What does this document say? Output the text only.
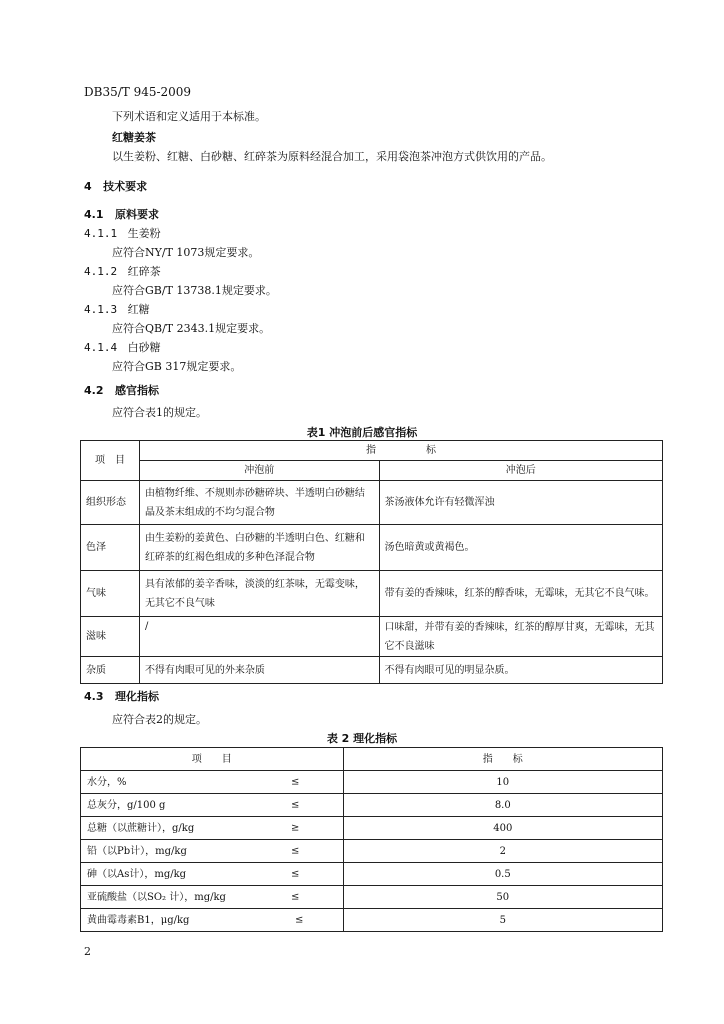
DB35/T 945-2009
下列术语和定义适用于本标准。
红糖姜茶
以生姜粉、红糖、白砂糖、红碎茶为原料经混合加工，采用袋泡茶冲泡方式供饮用的产品。
4 技术要求
4.1 原料要求
4.1.1 生姜粉
应符合NY/T 1073规定要求。
4.1.2 红碎茶
应符合GB/T 13738.1规定要求。
4.1.3 红糖
应符合QB/T 2343.1规定要求。
4.1.4 白砂糖
应符合GB 317规定要求。
4.2 感官指标
应符合表1的规定。
表1 冲泡前后感官指标
项　目	指　　　　　标	
	冲泡前	冲泡后
组织形态	由植物纤维、不规则赤砂糖碎块、半透明白砂糖结晶及茶末组成的不均匀混合物	茶汤液体允许有轻微浑浊
色泽	由生姜粉的姜黄色、白砂糖的半透明白色、红糖和红碎茶的红褐色组成的多种色泽混合物	汤色暗黄或黄褐色。
气味	具有浓郁的姜辛香味，淡淡的红茶味，无霉变味，无其它不良气味	带有姜的香辣味，红茶的醇香味，无霉味，无其它不良气味。
滋味	/	口味甜，并带有姜的香辣味，红茶的醇厚甘爽，无霉味，无其它不良滋味
杂质	不得有肉眼可见的外来杂质	不得有肉眼可见的明显杂质。
4.3 理化指标
应符合表2的规定。
表 2 理化指标
项　　目	指　　标
水分，% ≤	10
总灰分，g/100 g ≤	8.0
总糖（以蔗糖计），g/kg ≥	400
铅（以Pb计），mg/kg ≤	2
砷（以As计），mg/kg ≤	0.5
亚硫酸盐（以SO₂ 计），mg/kg ≤	50
黄曲霉毒素B1，μg/kg ≤	5
2
